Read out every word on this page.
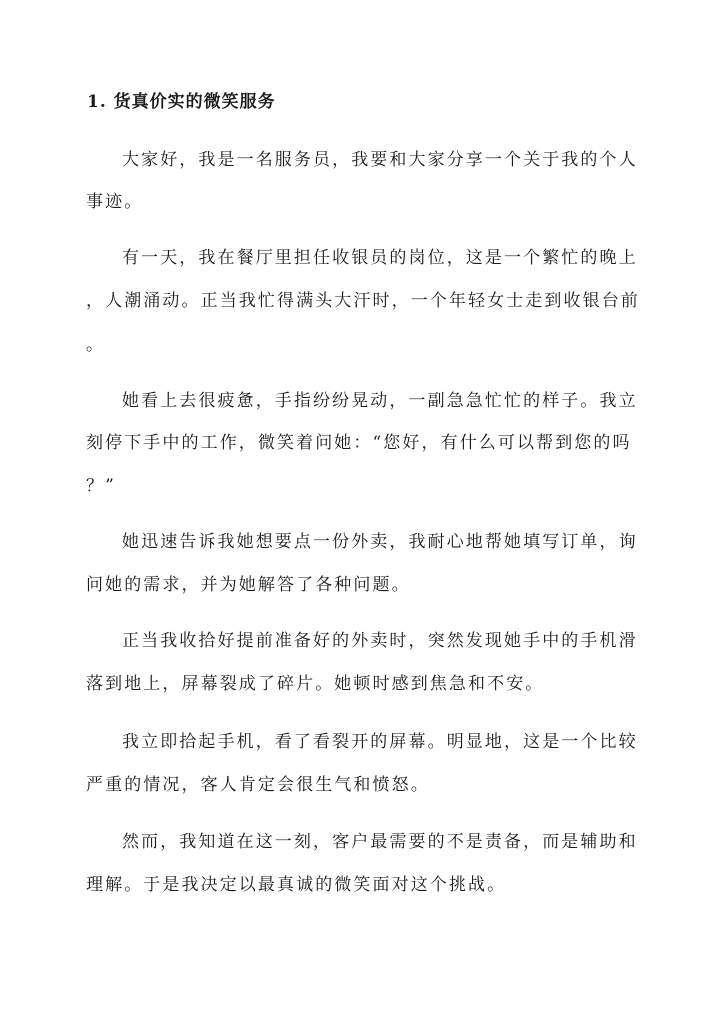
1. 货真价实的微笑服务
大家好，我是一名服务员，我要和大家分享一个关于我的个人
事迹。
有一天，我在餐厅里担任收银员的岗位，这是一个繁忙的晚上
，人潮涌动。正当我忙得满头大汗时，一个年轻女士走到收银台前
。
她看上去很疲惫，手指纷纷晃动，一副急急忙忙的样子。我立
刻停下手中的工作，微笑着问她：“您好，有什么可以帮到您的吗
？”
她迅速告诉我她想要点一份外卖，我耐心地帮她填写订单，询
问她的需求，并为她解答了各种问题。
正当我收拾好提前准备好的外卖时，突然发现她手中的手机滑
落到地上，屏幕裂成了碎片。她顿时感到焦急和不安。
我立即拾起手机，看了看裂开的屏幕。明显地，这是一个比较
严重的情况，客人肯定会很生气和愤怒。
然而，我知道在这一刻，客户最需要的不是责备，而是辅助和
理解。于是我决定以最真诚的微笑面对这个挑战。
